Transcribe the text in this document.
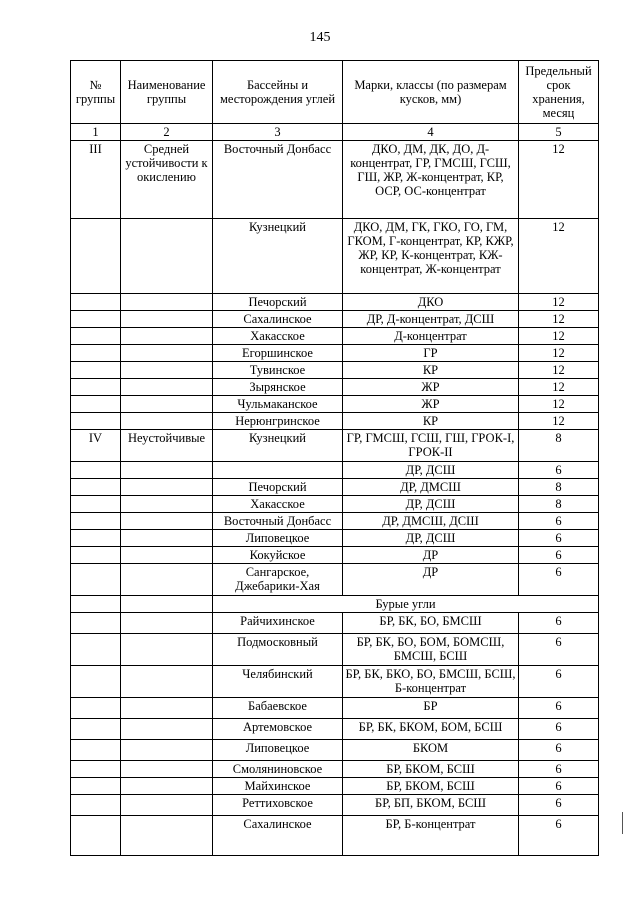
145
№ группы	Наименование группы	Бассейны и месторождения углей	Марки, классы (по размерам кусков, мм)	Предельный срок хранения, месяц
1	2	3	4	5
III	Средней устойчивости к окислению	Восточный Донбасс	ДКО, ДМ, ДК, ДО, Д-концентрат, ГР, ГМСШ, ГСШ, ГШ, ЖР, Ж-концентрат, КР, ОСР, ОС-концентрат	12
		Кузнецкий	ДКО, ДМ, ГК, ГКО, ГО, ГМ, ГКОМ, Г-концентрат, КР, КЖР, ЖР, КР, К-концентрат, КЖ-концентрат, Ж-концентрат	12
		Печорский	ДКО	12
		Сахалинское	ДР, Д-концентрат, ДСШ	12
		Хакасское	Д-концентрат	12
		Егоршинское	ГР	12
		Тувинское	КР	12
		Зырянское	ЖР	12
		Чульмаканское	ЖР	12
		Нерюнгринское	КР	12
IV	Неустойчивые	Кузнецкий	ГР, ГМСШ, ГСШ, ГШ, ГРОК-I, ГРОК-II	8
			ДР, ДСШ	6
		Печорский	ДР, ДМСШ	8
		Хакасское	ДР, ДСШ	8
		Восточный Донбасс	ДР, ДМСШ, ДСШ	6
		Липовецкое	ДР, ДСШ	6
		Кокуйское	ДР	6
		Сангарское, Джебарики-Хая	ДР	6
		Бурые угли		
		Райчихинское	БР, БК, БО, БМСШ	6
		Подмосковный	БР, БК, БО, БОМ, БОМСШ, БМСШ, БСШ	6
		Челябинский	БР, БК, БКО, БО, БМСШ, БСШ, Б-концентрат	6
		Бабаевское	БР	6
		Артемовское	БР, БК, БКОМ, БОМ, БСШ	6
		Липовецкое	БКОМ	6
		Смоляниновское	БР, БКОМ, БСШ	6
		Майхинское	БР, БКОМ, БСШ	6
		Реттиховское	БР, БП, БКОМ, БСШ	6
		Сахалинское	БР, Б-концентрат	6
